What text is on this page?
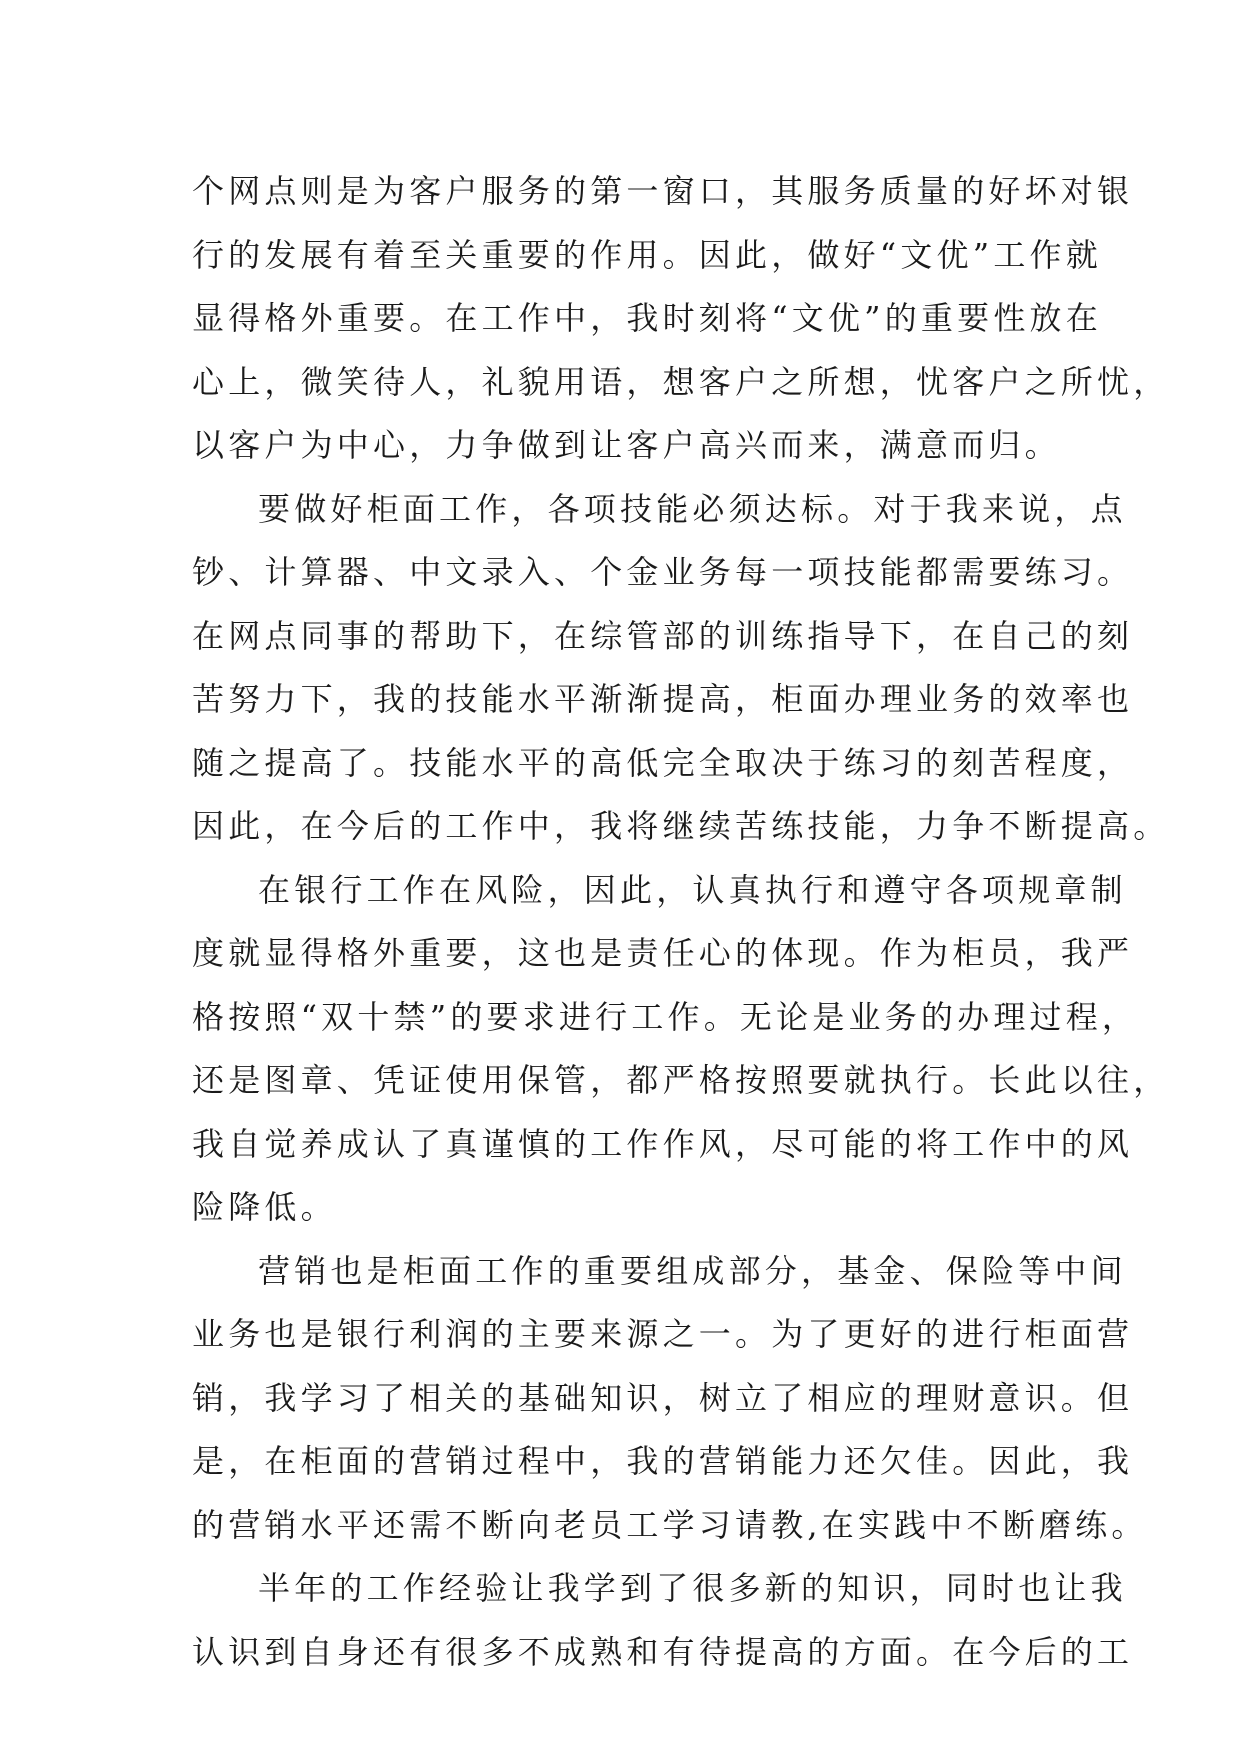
个网点则是为客户服务的第一窗口，其服务质量的好坏对银
行的发展有着至关重要的作用。因此，做好“文优”工作就
显得格外重要。在工作中，我时刻将“文优”的重要性放在
心上，微笑待人，礼貌用语，想客户之所想，忧客户之所忧，
以客户为中心，力争做到让客户高兴而来，满意而归。
要做好柜面工作，各项技能必须达标。对于我来说，点
钞、计算器、中文录入、个金业务每一项技能都需要练习。
在网点同事的帮助下，在综管部的训练指导下，在自己的刻
苦努力下，我的技能水平渐渐提高，柜面办理业务的效率也
随之提高了。技能水平的高低完全取决于练习的刻苦程度，
因此，在今后的工作中，我将继续苦练技能，力争不断提高。
在银行工作在风险，因此，认真执行和遵守各项规章制
度就显得格外重要，这也是责任心的体现。作为柜员，我严
格按照“双十禁”的要求进行工作。无论是业务的办理过程，
还是图章、凭证使用保管，都严格按照要就执行。长此以往，
我自觉养成认了真谨慎的工作作风，尽可能的将工作中的风
险降低。
营销也是柜面工作的重要组成部分，基金、保险等中间
业务也是银行利润的主要来源之一。为了更好的进行柜面营
销，我学习了相关的基础知识，树立了相应的理财意识。但
是，在柜面的营销过程中，我的营销能力还欠佳。因此，我
的营销水平还需不断向老员工学习请教,在实践中不断磨练。
半年的工作经验让我学到了很多新的知识，同时也让我
认识到自身还有很多不成熟和有待提高的方面。在今后的工
